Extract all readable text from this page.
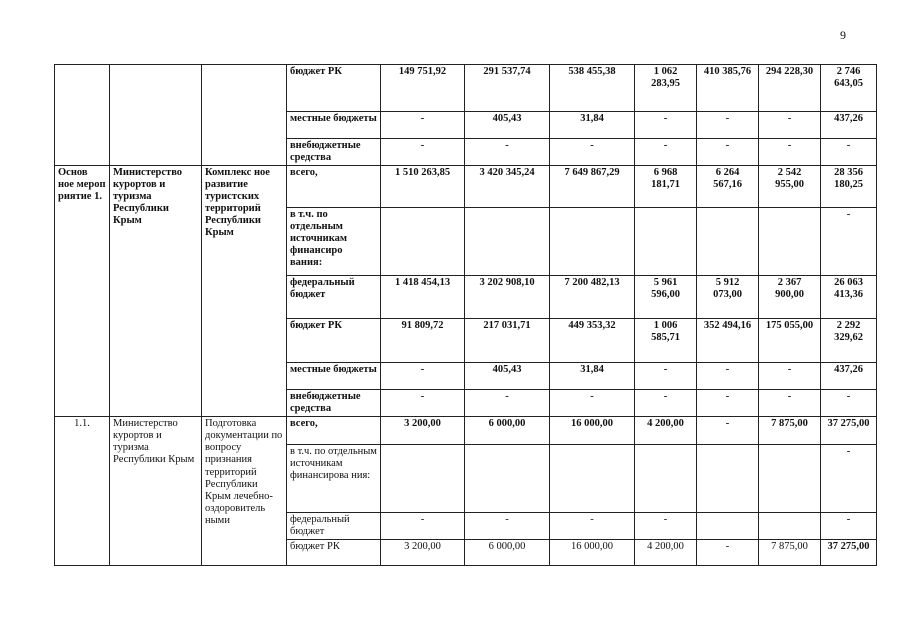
9
			бюджет РК	149 751,92	291 537,74	538 455,38	1 062 283,95	410 385,76	294 228,30	2 746 643,05
			местные бюджеты	-	405,43	31,84	-	-	-	437,26
			внебюджетные средства	-	-	-	-	-	-	-
Основ ное мероп риятие 1.	Министерство курортов и туризма Республики Крым	Комплекс ное развитие туристских территорий Республики Крым	всего,	1 510 263,85	3 420 345,24	7 649 867,29	6 968 181,71	6 264 567,16	2 542 955,00	28 356 180,25
			в т.ч. по отдельным источникам финансиро вания:							-
			федеральный бюджет	1 418 454,13	3 202 908,10	7 200 482,13	5 961 596,00	5 912 073,00	2 367 900,00	26 063 413,36
			бюджет РК	91 809,72	217 031,71	449 353,32	1 006 585,71	352 494,16	175 055,00	2 292 329,62
			местные бюджеты	-	405,43	31,84	-	-	-	437,26
			внебюджетные средства	-	-	-	-	-	-	-
1.1.	Министерство курортов и туризма Республики Крым	Подготовка документации по вопросу признания территорий Республики Крым лечебно-оздоровитель ными	всего,	3 200,00	6 000,00	16 000,00	4 200,00	-	7 875,00	37 275,00
			в т.ч. по отдельным источникам финансирова ния:							-
			федеральный бюджет	-	-	-	-			-
			бюджет РК	3 200,00	6 000,00	16 000,00	4 200,00	-	7 875,00	37 275,00
